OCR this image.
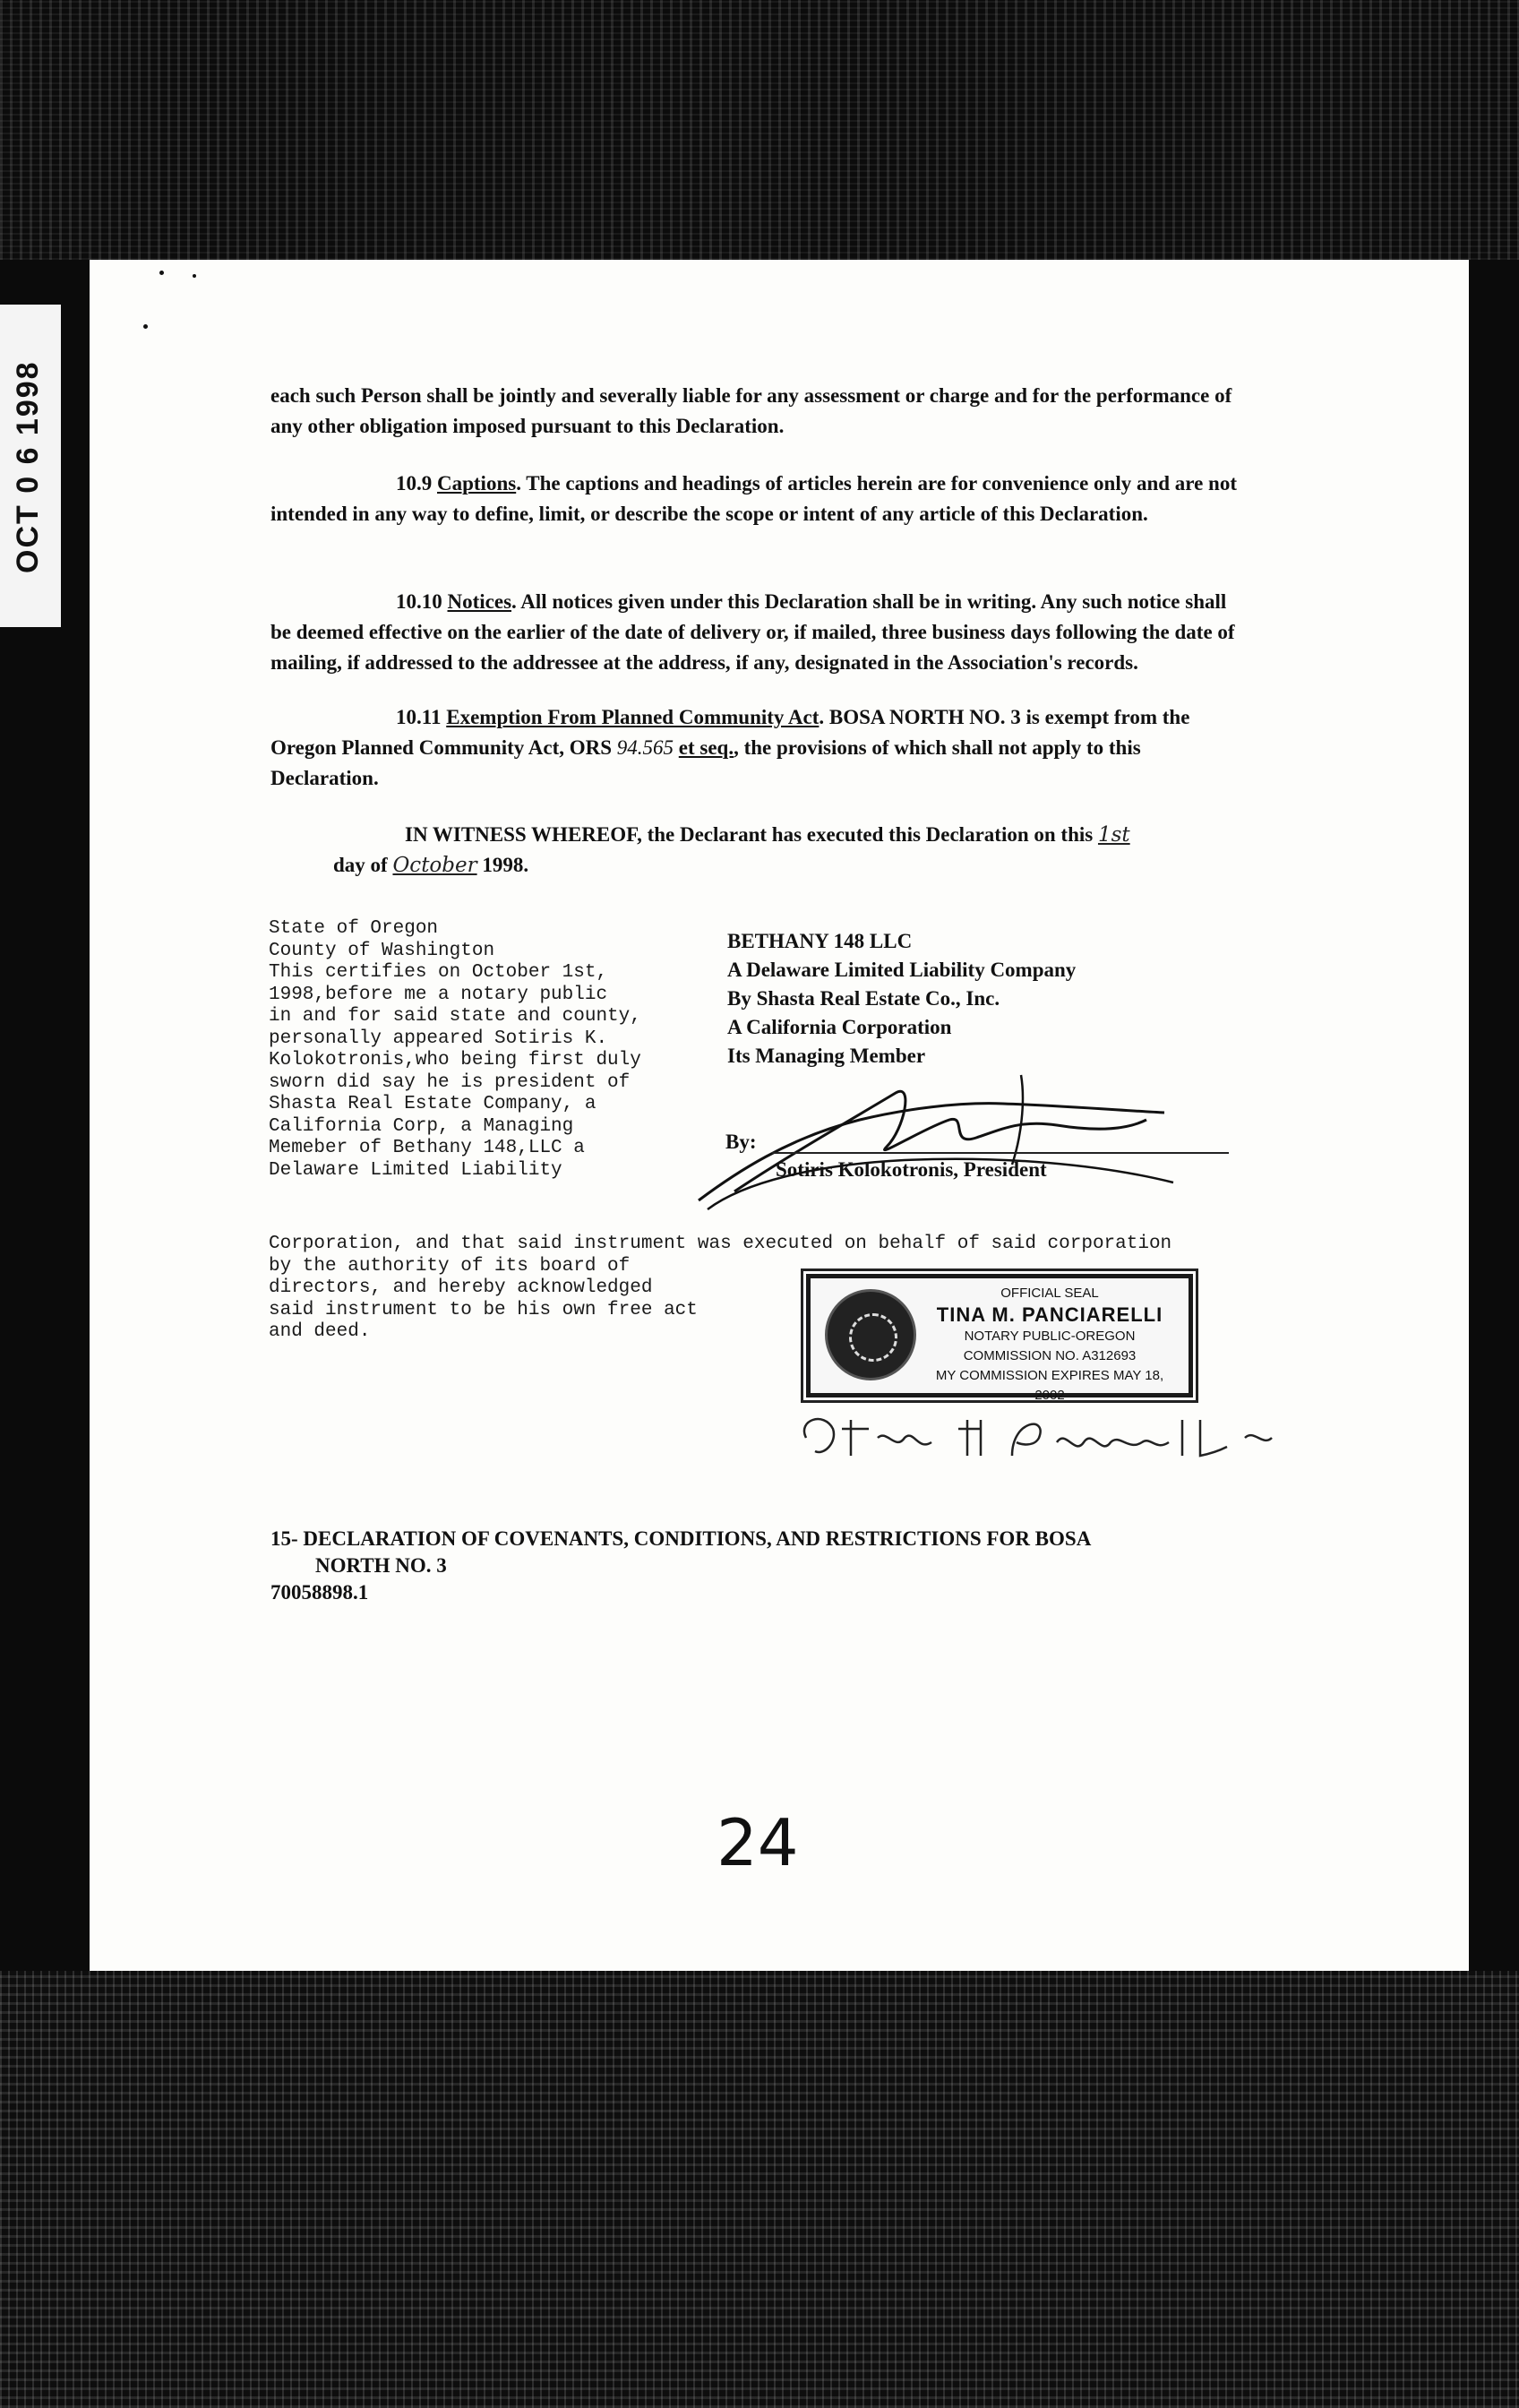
OCT 0 6 1998	each such Person shall be jointly and severally liable for any assessment or charge and for the performance of any other obligation imposed pursuant to this Declaration.

10.9 Captions. The captions and headings of articles herein are for convenience only and are not intended in any way to define, limit, or describe the scope or intent of any article of this Declaration.

10.10 Notices. All notices given under this Declaration shall be in writing. Any such notice shall be deemed effective on the earlier of the date of delivery or, if mailed, three business days following the date of mailing, if addressed to the addressee at the address, if any, designated in the Association's records.

10.11 Exemption From Planned Community Act. BOSA NORTH NO. 3 is exempt from the Oregon Planned Community Act, ORS 94.565 et seq., the provisions of which shall not apply to this Declaration.

IN WITNESS WHEREOF, the Declarant has executed this Declaration on this 1st
day of October 1998.
State of Oregon
County of Washington
This certifies on October 1st,
1998,before me a notary public
in and for said state and county,
personally appeared Sotiris K.
Kolokotronis,who being first duly
sworn did say he is president of
Shasta Real Estate Company, a
California Corp, a Managing
Memeber of Bethany 148,LLC a
Delaware Limited Liability
Corporation, and that said instrument was executed on behalf of said corporation
by the authority of its board of
directors, and hereby acknowledged
said instrument to be his own free act
and deed.
BETHANY 148 LLC
A Delaware Limited Liability Company
By Shasta Real Estate Co., Inc.
A California Corporation
Its Managing Member
By:
Sotiris Kolokotronis, President
OFFICIAL SEAL
TINA M. PANCIARELLI
NOTARY PUBLIC-OREGON
COMMISSION NO. A312693
MY COMMISSION EXPIRES MAY 18, 2002
15- DECLARATION OF COVENANTS, CONDITIONS, AND RESTRICTIONS FOR BOSA
NORTH NO. 3
70058898.1
24
